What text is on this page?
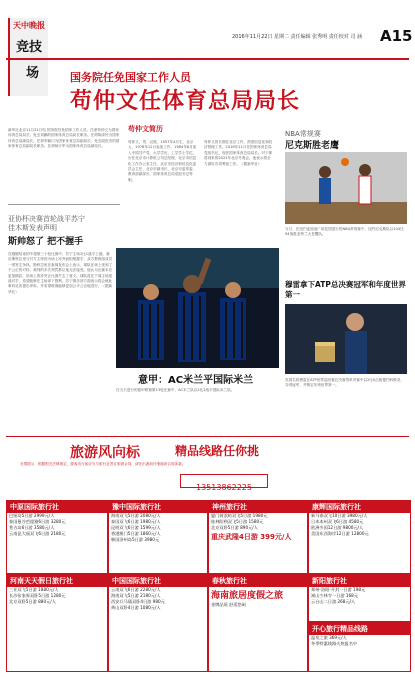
天中晚报
竞技
场
2016年11月22日 星期二 责任编辑 张秀明 责任校对 司 涵 A15
国务院任免国家工作人员
苟仲文任体育总局局长
新华社北京11月21日电 国务院任免国家工作人员。任命苟仲文为国家体育总局局长；免去刘鹏的国家体育总局局长职务。任命陈泽民为国家体育总局副局长。任命李颖川为国家体育总局副局长。免去段世杰的国家体育总局副局长职务。任命杨宇军为国家体育总局副局长。
苟仲文简历
苟仲文，男，汉族，1957年4月生，北京人，1976年12月参加工作，1984年8月加入中国共产党，大学学历，工学学士学位。历任北京市计算机公司总经理、北京市信息化工作办公室主任、北京市经济和信息化委员会主任、北京市副市长、北京市委常委、教育部副部长、国家体育总局党组书记等职。
苟仲文曾长期在北京工作，熟悉信息化和经济管理工作。2016年11月任国家体育总局党组书记，现任国家体育总局局长。对于即将到来的2022年北京冬奥会，他表示将全力做好各项筹备工作。（据新华社）
NBA常规赛
尼克斯胜老鹰
当日，在纽约麦迪逊广场花园进行的NBA常规赛中，纽约尼克斯队以104比94战胜亚特兰大老鹰队。
亚协杯决赛首轮战平苏宁
佳木斯发表声明
斯帅怒了 把不握手
在刚刚结束的中超第三十轮比赛中，苏宁主场1比1战平上港。赛后斯科拉里与对方主帅因为场上冲突而拒绝握手，双方教练组成员一度发生争执。斯科拉里在新闻发布会上表示，球队在场上受到了不公正的对待，裁判的多次判罚都让他无法接受。他认为比赛本应更加精彩，但场上的冲突让比赛失去了意义。球队将在下周主场迎战对手，希望能够在主场拿下胜利。苏宁俱乐部方面表示将会就此事向足协提出申诉，并希望联赛能够更加公平公正地进行。（据新华社）
意甲：AC米兰平国际米兰
在当天进行的意甲联赛第13轮比赛中，AC米兰队以2比2战平国际米兰队。
穆雷拿下ATP总决赛冠军和年度世界第一
英国名将穆雷在ATP世界巡回赛总决赛男单决赛中以2比0击败德约科维奇，夺得冠军，并锁定年终世界第一。
旅游风向标	精品线路任你挑
友情提示：根据相关法律规定，游客出行前应当与旅行社签订旅游合同，请在出游前仔细阅读合同条款。
13513862225
中原国际旅行社
巴厘岛5日游 2999元/人
泰国曼谷芭提雅6日游 3280元
普吉岛6日游 3580元/人
云南昆大丽双飞6日游 2180元
河南天天假日旅行社
三亚双飞5日游 1880元/人
长沙张家界双卧5日游 1280元
北京双卧5日游 880元/人
豫中国际旅行社
海南双飞5日游 2080元/人
泰国双飞6日游 1980元/人
昆明双飞6日游 1599元/人
香港澳门5日游 1860元/人
韩国济州岛5日游 3980元
中国国际旅行社
云南双飞6日游 2280元/人
海南双飞5日游 2180元/人
西安兵马俑双卧4日游 980元
黄山双卧4日游 1080元/人
神州旅行社
厦门鼓浪屿双飞5日游 1980元
桂林阳朔双飞5日游 1580元
北京双卧5日游 890元/人
重庆武隆4日游 399元/人
春秋旅行社
海南旅居度假之旅
金牌品质 舒适悠闲
康辉国际旅行社
新马泰双飞10日游 3980元/人
日本本州双飞6日游 4580元
欧洲多国12日游 9800元/人
美国东西海岸12日游 12800元
新阳旅行社
郑州-洛阳-开封一日游 198元
嵩山少林寺一日游 168元
云台山二日游 268元/人
开心旅行精品线路
温泉之旅 369元/人
冬季特惠线路火热报名中
